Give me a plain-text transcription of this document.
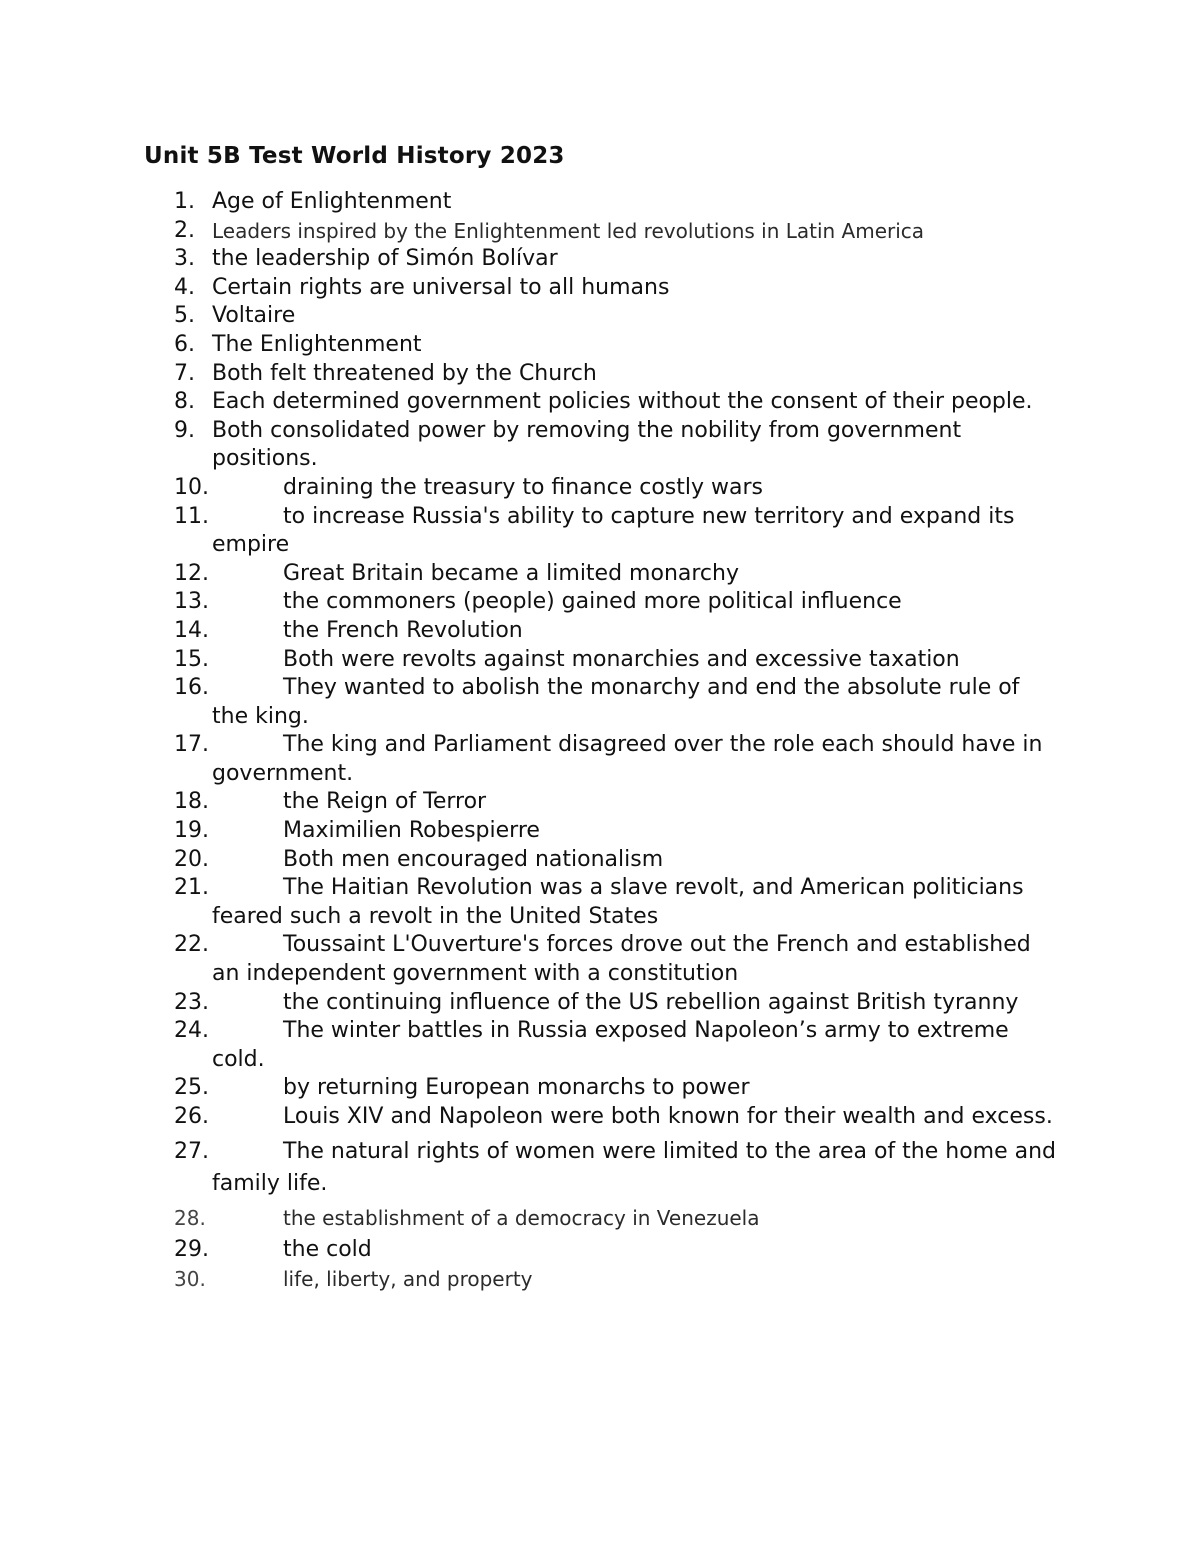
Unit 5B Test World History 2023
1. Age of Enlightenment
2. Leaders inspired by the Enlightenment led revolutions in Latin America
3. the leadership of Simón Bolívar
4. Certain rights are universal to all humans
5. Voltaire
6. The Enlightenment
7. Both felt threatened by the Church
8. Each determined government policies without the consent of their people.
9. Both consolidated power by removing the nobility from government positions.
10.	draining the treasury to finance costly wars
11.	to increase Russia's ability to capture new territory and expand its empire
12.	Great Britain became a limited monarchy
13.	the commoners (people) gained more political influence
14.	the French Revolution
15.	Both were revolts against monarchies and excessive taxation
16.	They wanted to abolish the monarchy and end the absolute rule of the king.
17.	The king and Parliament disagreed over the role each should have in government.
18.	the Reign of Terror
19.	Maximilien Robespierre
20.	Both men encouraged nationalism
21.	The Haitian Revolution was a slave revolt, and American politicians feared such a revolt in the United States
22.	Toussaint L'Ouverture's forces drove out the French and established an independent government with a constitution
23.	the continuing influence of the US rebellion against British tyranny
24.	The winter battles in Russia exposed Napoleon’s army to extreme cold.
25.	by returning European monarchs to power
26.	Louis XIV and Napoleon were both known for their wealth and excess.
27.	The natural rights of women were limited to the area of the home and family life.
28.	the establishment of a democracy in Venezuela
29.	the cold
30.	life, liberty, and property
